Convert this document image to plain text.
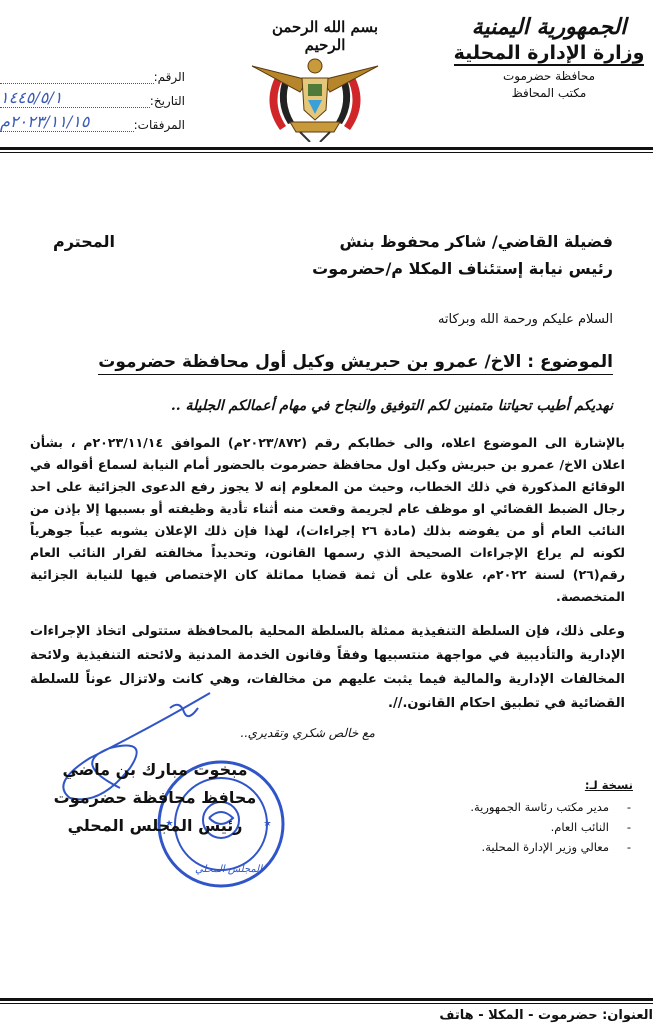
الجمهورية اليمنية
وزارة الإدارة المحلية
محافظة حضرموت
مكتب المحافظ
بسم الله الرحمن الرحيم
الرقم:
التاريخ:
١٤٤٥/٥/١
المرفقات:
٢٠٢٣/١١/١٥م
فضيلة القاضي/ شاكر محفوظ بنش
المحترم
رئيس نيابة إستئناف المكلا م/حضرموت
السلام عليكم ورحمة الله وبركاته
الموضوع : الاخ/ عمرو بن حبريش وكيل أول محافظة حضرموت
نهديكم أطيب تحياتنا متمنين لكم التوفيق والنجاح في مهام أعمالكم الجليلة ..
بالإشارة الى الموضوع اعلاه، والى خطابكم رقم (٢٠٢٣/٨٧٢م) الموافق ٢٠٢٣/١١/١٤م ، بشأن اعلان الاخ/ عمرو بن حبريش وكيل اول محافظة حضرموت بالحضور أمام النيابة لسماع أقواله في الوقائع المذكورة في ذلك الخطاب، وحيث من المعلوم إنه لا يجوز رفع الدعوى الجزائية على احد رجال الضبط القضائي او موظف عام لجريمة وقعت منه أثناء تأدية وظيفته أو بسببها إلا بإذن من النائب العام أو من يفوضه بذلك (مادة ٢٦ إجراءات)، لهذا فإن ذلك الإعلان يشوبه عيباً جوهرياً لكونه لم يراع الإجراءات الصحيحة الذي رسمها القانون، وتحديداً مخالفته لقرار النائب العام رقم(٢٦) لسنة ٢٠٢٢م، علاوة على أن ثمة قضايا مماثلة كان الإختصاص فيها للنيابة الجزائية المتخصصة.
وعلى ذلك، فإن السلطة التنفيذية ممثلة بالسلطة المحلية بالمحافظة ستتولى اتخاذ الإجراءات الإدارية والتأديبية في مواجهة منتسبيها وفقاً وقانون الخدمة المدنية ولائحته التنفيذية ولائحة المخالفات الإدارية والمالية فيما يثبت عليهم من مخالفات، وهي كانت ولاتزال عوناً للسلطة القضائية في تطبيق احكام القانون.//.
مع خالص شكري وتقديري..
المجلس المحلي
مبخوت مبارك بن ماضي
محافظ محافظة حضرموت
رئيس المجلس المحلي
نسخة لـ:
- مدير مكتب رئاسة الجمهورية.
- النائب العام.
- معالي وزير الإدارة المحلية.
العنوان: حضرموت - المكلا - هاتف
